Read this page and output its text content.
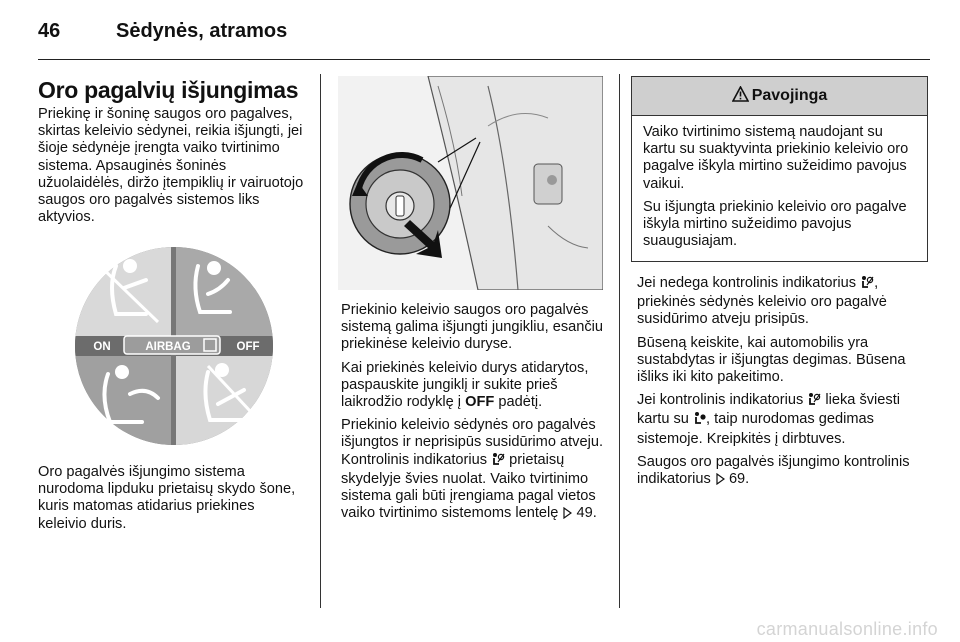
46	Sėdynės, atramos
Oro pagalvių išjungimas

Priekinę ir šoninę saugos oro pagalves, skirtas keleivio sėdynei, reikia išjungti, jei šioje sėdynėje įrengta vaiko tvirtinimo sistema. Apsauginės šoninės užuolaidėlės, diržo įtempiklių ir vairuotojo saugos oro pagalvės sistemos liks aktyvios.

ON	AIRBAG	OFF

Oro pagalvės išjungimo sistema nurodoma lipduku prietaisų skydo šone, kuris matomas atidarius priekines keleivio duris.

Priekinio keleivio saugos oro pagalvės sistemą galima išjungti jungikliu, esančiu priekinėse keleivio duryse.

Kai priekinės keleivio durys atidarytos, paspauskite jungiklį ir sukite prieš laikrodžio rodyklę į OFF padėtį.

Priekinio keleivio sėdynės oro pagalvės išjungtos ir neprisipūs susidūrimo atveju. Kontrolinis indikatorius  prietaisų skydelyje švies nuolat. Vaiko tvirtinimo sistema gali būti įrengiama pagal vietos vaiko tvirtinimo sistemoms lentelę  49.

Pavojinga

Vaiko tvirtinimo sistemą naudojant su kartu su suaktyvinta priekinio keleivio oro pagalve iškyla mirtino sužeidimo pavojus vaikui.

Su išjungta priekinio keleivio oro pagalve iškyla mirtino sužeidimo pavojus suaugusiajam.

Jei nedega kontrolinis indikatorius , priekinės sėdynės keleivio oro pagalvė susidūrimo atveju prisipūs.

Būseną keiskite, kai automobilis yra sustabdytas ir išjungtas degimas. Būsena išliks iki kito pakeitimo.

Jei kontrolinis indikatorius  lieka šviesti kartu su , taip nurodomas gedimas sistemoje. Kreipkitės į dirbtuves.

Saugos oro pagalvės išjungimo kontrolinis indikatorius  69.

carmanualsonline.info
